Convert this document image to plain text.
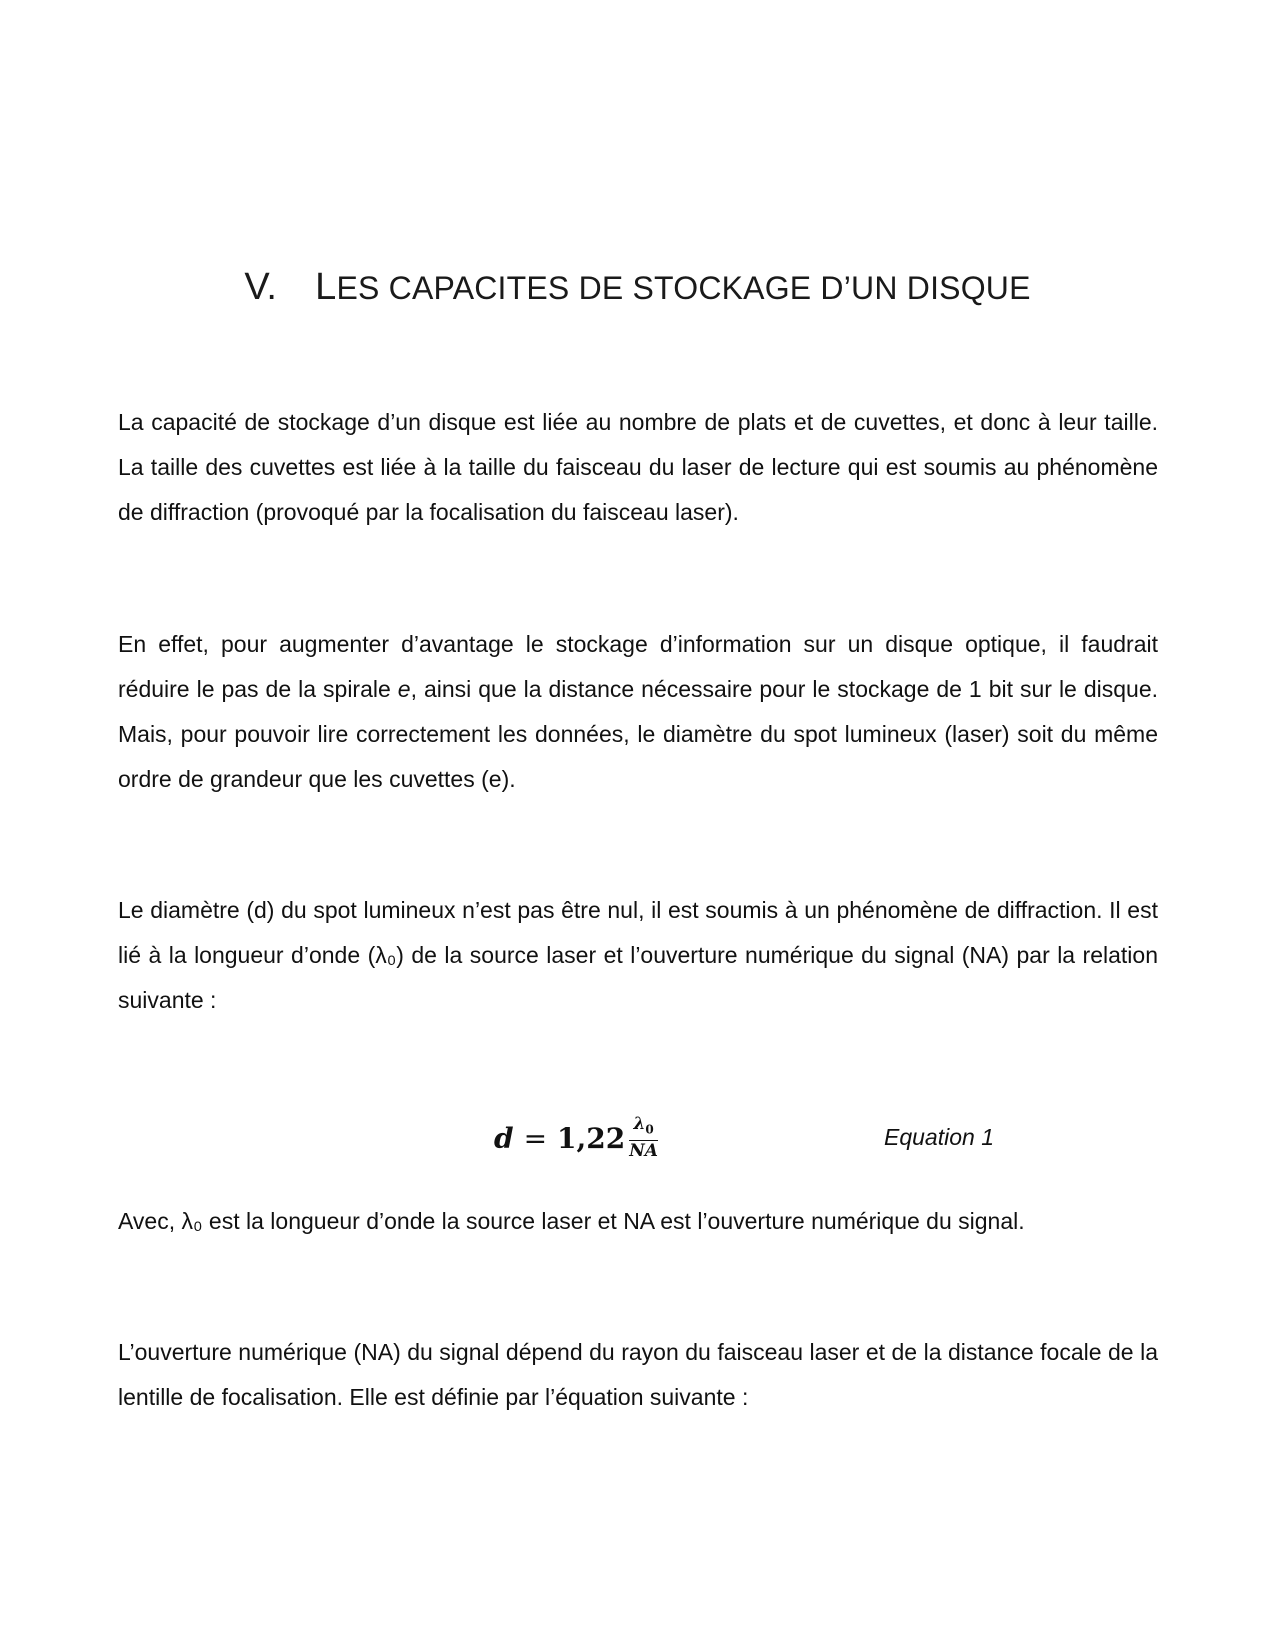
V. LES CAPACITES DE STOCKAGE D’UN DISQUE

La capacité de stockage d’un disque est liée au nombre de plats et de cuvettes, et donc à leur taille. La taille des cuvettes est liée à la taille du faisceau du laser de lecture qui est soumis au phénomène de diffraction (provoqué par la focalisation du faisceau laser).

En effet, pour augmenter d’avantage le stockage d’information sur un disque optique, il faudrait réduire le pas de la spirale e, ainsi que la distance nécessaire pour le stockage de 1 bit sur le disque. Mais, pour pouvoir lire correctement les données, le diamètre du spot lumineux (laser) soit du même ordre de grandeur que les cuvettes (e).

Le diamètre (d) du spot lumineux n’est pas être nul, il est soumis à un phénomène de diffraction. Il est lié à la longueur d’onde (λ₀) de la source laser et l’ouverture numérique du signal (NA) par la relation suivante :

$d = 1,22 \frac{\lambda_0}{NA}$	Equation 1

Avec, λ₀ est la longueur d’onde la source laser et NA est l’ouverture numérique du signal.

L’ouverture numérique (NA) du signal dépend du rayon du faisceau laser et de la distance focale de la lentille de focalisation. Elle est définie par l’équation suivante :
